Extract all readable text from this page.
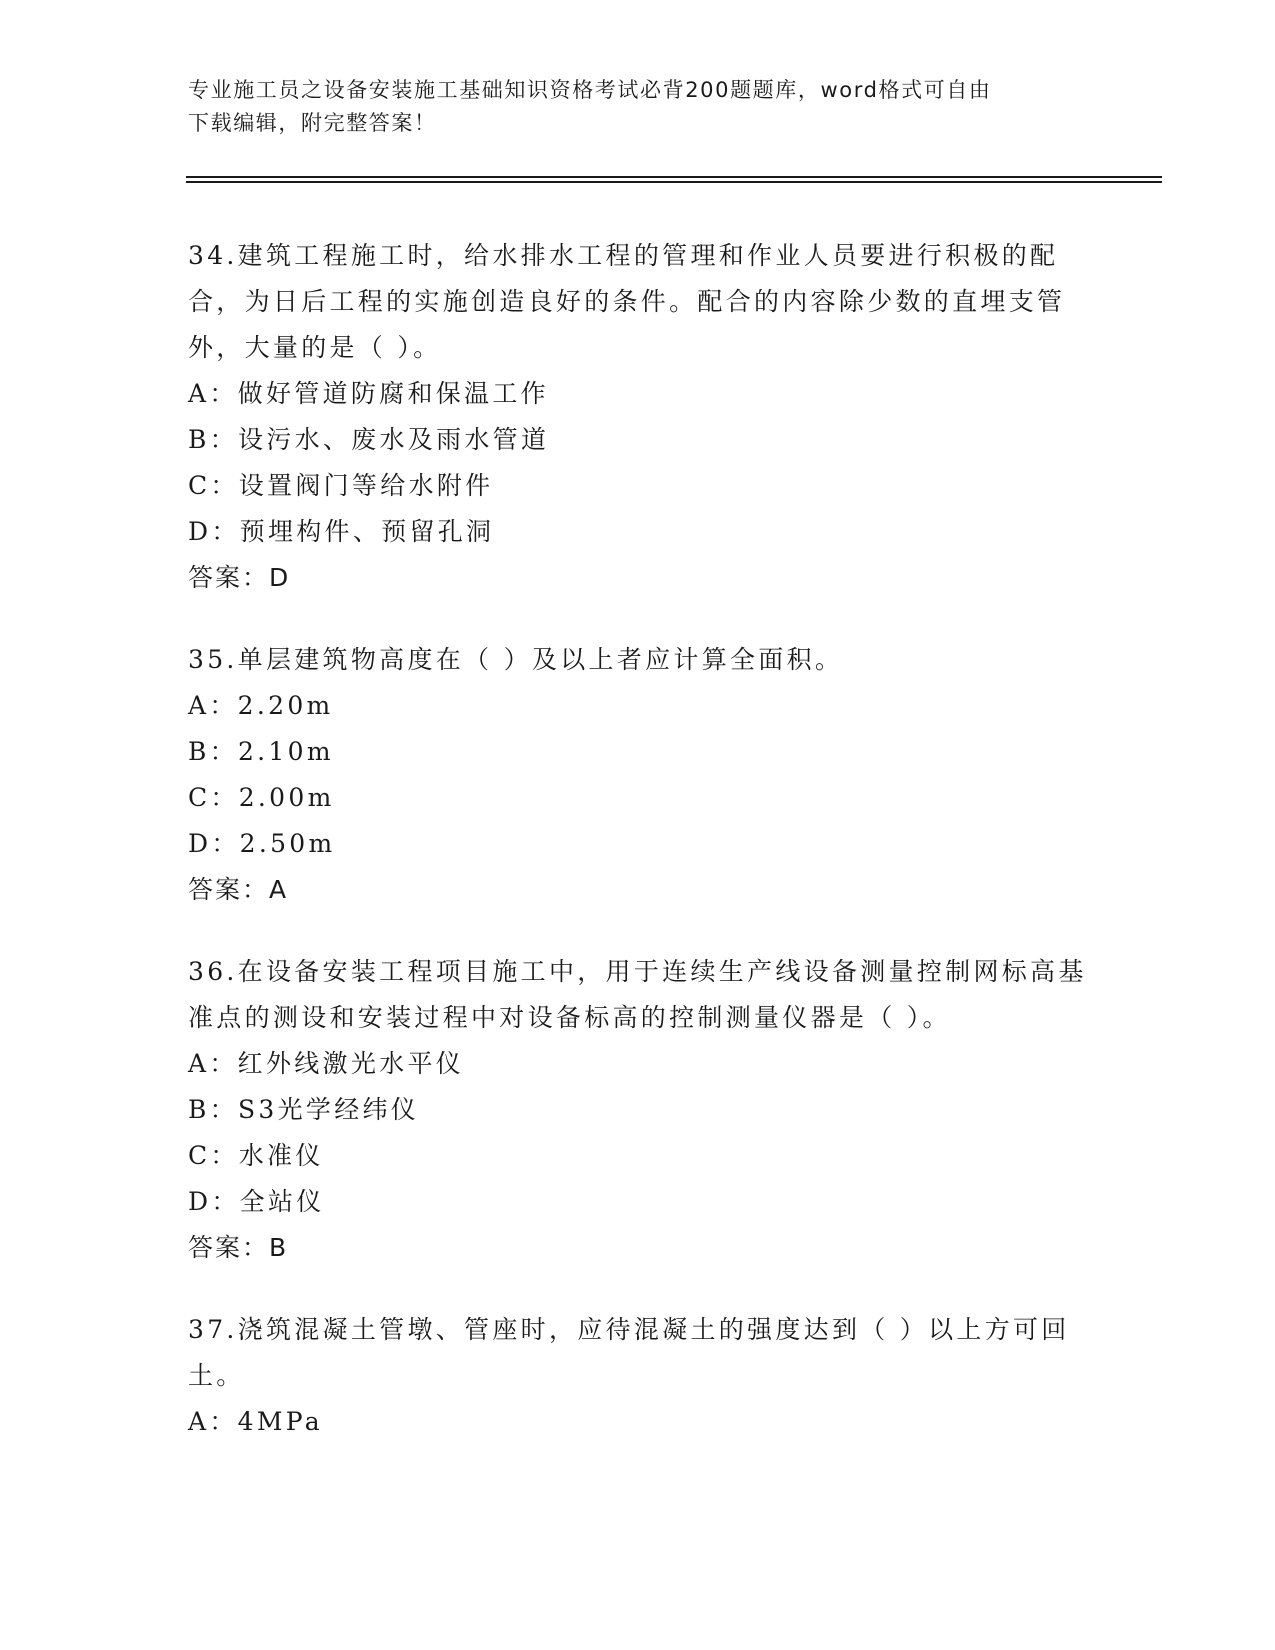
专业施工员之设备安装施工基础知识资格考试必背200题题库，word格式可自由
下载编辑，附完整答案！

34.建筑工程施工时，给水排水工程的管理和作业人员要进行积极的配合，为日后工程的实施创造良好的条件。配合的内容除少数的直埋支管外，大量的是（ ）。

A：做好管道防腐和保温工作
B：设污水、废水及雨水管道
C：设置阀门等给水附件
D：预埋构件、预留孔洞
答案：D

35.单层建筑物高度在（ ）及以上者应计算全面积。

A：2.20m
B：2.10m
C：2.00m
D：2.50m
答案：A

36.在设备安装工程项目施工中，用于连续生产线设备测量控制网标高基准点的测设和安装过程中对设备标高的控制测量仪器是（ ）。

A：红外线激光水平仪
B：S3光学经纬仪
C：水准仪
D：全站仪
答案：B

37.浇筑混凝土管墩、管座时，应待混凝土的强度达到（ ）以上方可回土。

A：4MPa
